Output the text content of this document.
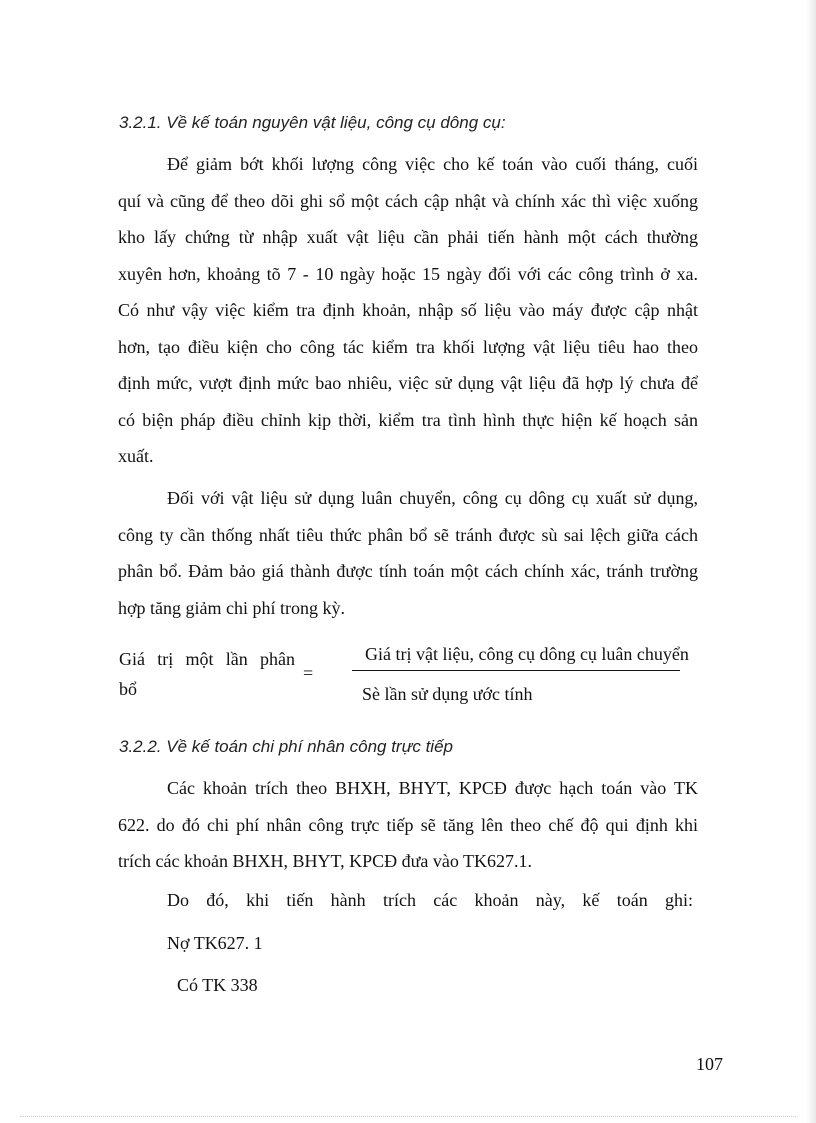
3.2.1. Về kế toán nguyên vật liệu, công cụ dông cụ:
Để giảm bớt khối lượng công việc cho kế toán vào cuối tháng, cuối
quí và cũng để theo dõi ghi sổ một cách cập nhật và chính xác thì việc xuống
kho lấy chứng từ nhập xuất vật liệu cần phải tiến hành một cách thường
xuyên hơn, khoảng tõ 7 - 10 ngày hoặc 15 ngày đối với các công trình ở xa.
Có như vậy việc kiểm tra định khoản, nhập số liệu vào máy được cập nhật
hơn, tạo điều kiện cho công tác kiểm tra khối lượng vật liệu tiêu hao theo
định mức, vượt định mức bao nhiêu, việc sử dụng vật liệu đã hợp lý chưa để
có biện pháp điều chỉnh kịp thời, kiểm tra tình hình thực hiện kế hoạch sản
xuất.
Đối với vật liệu sử dụng luân chuyển, công cụ dông cụ xuất sử dụng,
công ty cần thống nhất tiêu thức phân bổ sẽ tránh được sù sai lệch giữa cách
phân bổ. Đảm bảo giá thành được tính toán một cách chính xác, tránh trường
hợp tăng giảm chi phí trong kỳ.
Giá trị một lần phân
bổ
=
Giá trị vật liệu, công cụ dông cụ luân chuyển
Sè lần sử dụng ước tính
3.2.2. Về kế toán chi phí nhân công trực tiếp
Các khoản trích theo BHXH, BHYT, KPCĐ được hạch toán vào TK
622. do đó chi phí nhân công trực tiếp sẽ tăng lên theo chế độ qui định khi
trích các khoản BHXH, BHYT, KPCĐ đưa vào TK627.1.
Do đó, khi tiến hành trích các khoản này, kế toán ghi:
Nợ TK627. 1
Có TK 338
107
